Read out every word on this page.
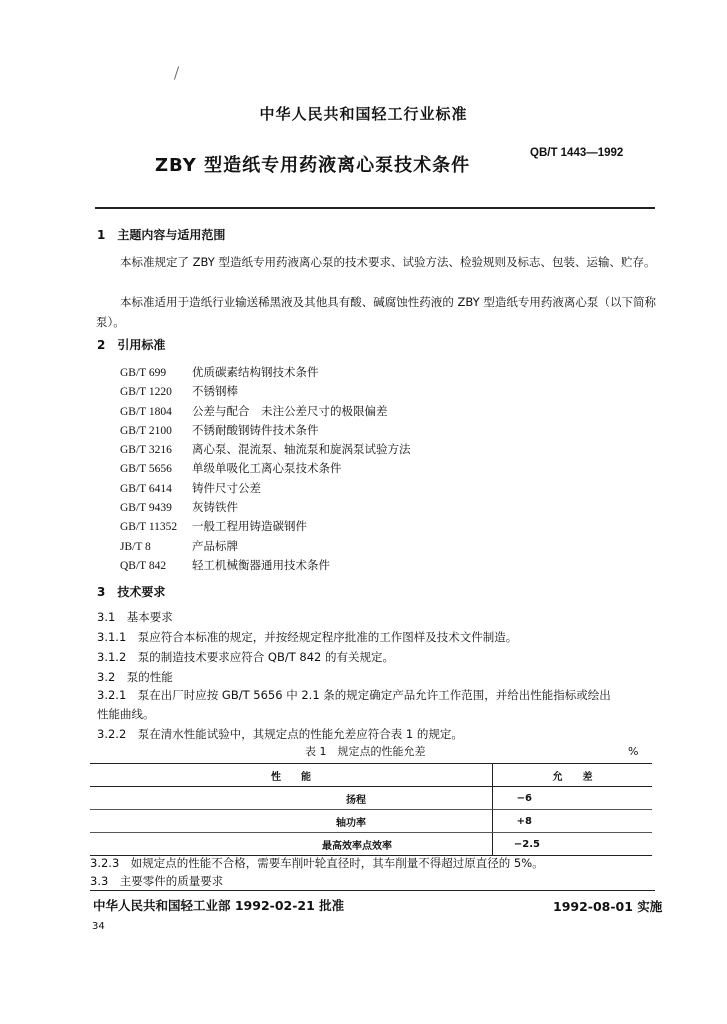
中华人民共和国轻工行业标准
ZBY 型造纸专用药液离心泵技术条件
QB/T 1443—1992
1　主题内容与适用范围
本标准规定了 ZBY 型造纸专用药液离心泵的技术要求、试验方法、检验规则及标志、包装、运输、贮存。
本标准适用于造纸行业输送稀黑液及其他具有酸、碱腐蚀性药液的 ZBY 型造纸专用药液离心泵（以下简称泵）。
2　引用标准
GB/T 699 优质碳素结构钢技术条件
GB/T 1220 不锈钢棒
GB/T 1804 公差与配合　未注公差尺寸的极限偏差
GB/T 2100 不锈耐酸钢铸件技术条件
GB/T 3216 离心泵、混流泵、轴流泵和旋涡泵试验方法
GB/T 5656 单级单吸化工离心泵技术条件
GB/T 6414 铸件尺寸公差
GB/T 9439 灰铸铁件
GB/T 11352 一般工程用铸造碳钢件
JB/T 8	产品标牌
QB/T 842 轻工机械衡器通用技术条件
3　技术要求
3.1　基本要求
3.1.1　泵应符合本标准的规定，并按经规定程序批准的工作图样及技术文件制造。
3.1.2　泵的制造技术要求应符合 QB/T 842 的有关规定。
3.2　泵的性能
3.2.1　泵在出厂时应按 GB/T 5656 中 2.1 条的规定确定产品允许工作范围，并给出性能指标或绘出
性能曲线。
3.2.2　泵在清水性能试验中，其规定点的性能允差应符合表 1 的规定。
表 1　规定点的性能允差	%
性　　能	允　　差
扬程	−6
轴功率	+8
最高效率点效率	−2.5
3.2.3　如规定点的性能不合格，需要车削叶轮直径时，其车削量不得超过原直径的 5%。
3.3　主要零件的质量要求
中华人民共和国轻工业部 1992-02-21 批准	1992-08-01 实施
34
